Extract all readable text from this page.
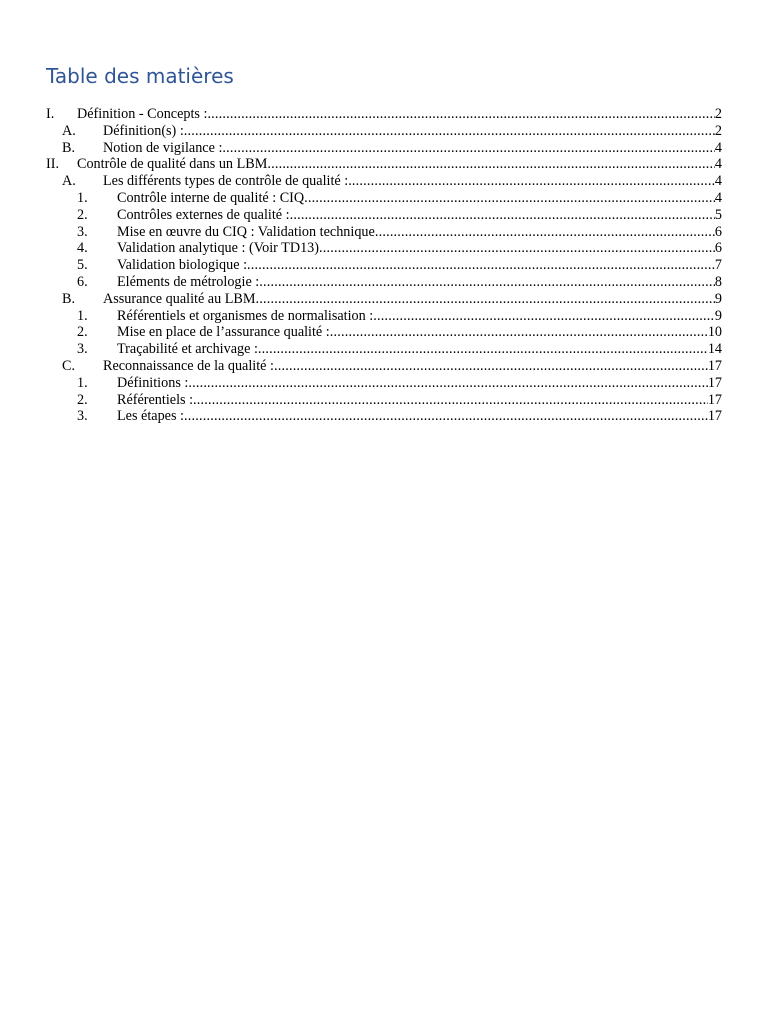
Table des matières
I. Définition - Concepts : .....	2
A. Définition(s) : .....	2
B. Notion de vigilance : .....	4
II. Contrôle de qualité dans un LBM .....	4
A. Les différents types de contrôle de qualité : .....	4
1. Contrôle interne de qualité : CIQ .....	4
2. Contrôles externes de qualité : .....	5
3. Mise en œuvre du CIQ : Validation technique .....	6
4. Validation analytique : (Voir TD13) .....	6
5. Validation biologique : .....	7
6. Eléments de métrologie : .....	8
B. Assurance qualité au LBM .....	9
1. Référentiels et organismes de normalisation : .....	9
2. Mise en place de l’assurance qualité : .....	10
3. Traçabilité et archivage : .....	14
C. Reconnaissance de la qualité : .....	17
1. Définitions : .....	17
2. Référentiels : .....	17
3. Les étapes : .....	17
